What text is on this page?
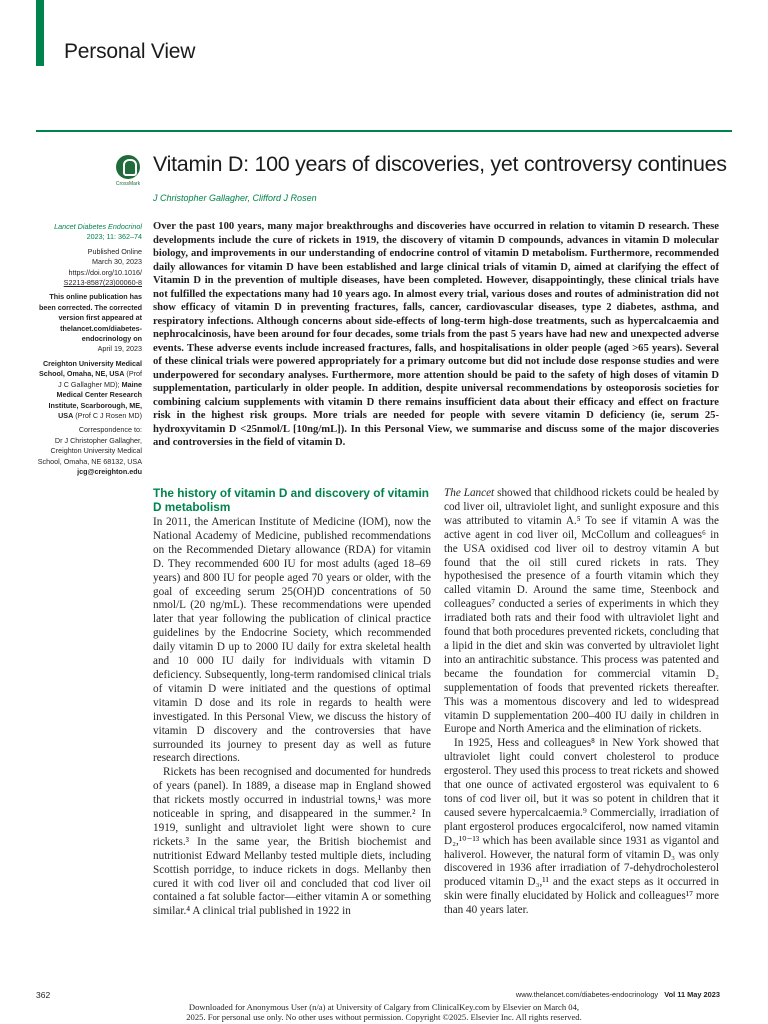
Personal View
CrossMark
Vitamin D: 100 years of discoveries, yet controversy continues
J Christopher Gallagher, Clifford J Rosen
Lancet Diabetes Endocrinol
2023; 11: 362–74
Published Online
March 30, 2023
https://doi.org/10.1016/
S2213-8587(23)00060-8
This online publication has been corrected. The corrected version first appeared at thelancet.com/diabetes-endocrinology on
April 19, 2023
Creighton University Medical School, Omaha, NE, USA (Prof J C Gallagher MD); Maine Medical Center Research Institute, Scarborough, ME, USA (Prof C J Rosen MD)
Correspondence to:
Dr J Christopher Gallagher,
Creighton University Medical School, Omaha, NE 68132, USA
jcg@creighton.edu
Over the past 100 years, many major breakthroughs and discoveries have occurred in relation to vitamin D research. These developments include the cure of rickets in 1919, the discovery of vitamin D compounds, advances in vitamin D molecular biology, and improvements in our understanding of endocrine control of vitamin D metabolism. Furthermore, recommended daily allowances for vitamin D have been established and large clinical trials of vitamin D, aimed at clarifying the effect of Vitamin D in the prevention of multiple diseases, have been completed. However, disappointingly, these clinical trials have not fulfilled the expectations many had 10 years ago. In almost every trial, various doses and routes of administration did not show efficacy of vitamin D in preventing fractures, falls, cancer, cardiovascular diseases, type 2 diabetes, asthma, and respiratory infections. Although concerns about side-effects of long-term high-dose treatments, such as hypercalcaemia and nephrocalcinosis, have been around for four decades, some trials from the past 5 years have had new and unexpected adverse events. These adverse events include increased fractures, falls, and hospitalisations in older people (aged >65 years). Several of these clinical trials were powered appropriately for a primary outcome but did not include dose response studies and were underpowered for secondary analyses. Furthermore, more attention should be paid to the safety of high doses of vitamin D supplementation, particularly in older people. In addition, despite universal recommendations by osteoporosis societies for combining calcium supplements with vitamin D there remains insufficient data about their efficacy and effect on fracture risk in the highest risk groups. More trials are needed for people with severe vitamin D deficiency (ie, serum 25-hydroxyvitamin D <25nmol/L [10ng/mL]). In this Personal View, we summarise and discuss some of the major discoveries and controversies in the field of vitamin D.
The history of vitamin D and discovery of vitamin D metabolism

In 2011, the American Institute of Medicine (IOM), now the National Academy of Medicine, published recommendations on the Recommended Dietary allowance (RDA) for vitamin D. They recommended 600 IU for most adults (aged 18–69 years) and 800 IU for people aged 70 years or older, with the goal of exceeding serum 25(OH)D concentrations of 50 nmol/L (20 ng/mL). These recommendations were upended later that year following the publication of clinical practice guidelines by the Endocrine Society, which recommended daily vitamin D up to 2000 IU daily for extra skeletal health and 10 000 IU daily for individuals with vitamin D deficiency. Subsequently, long-term randomised clinical trials of vitamin D were initiated and the questions of optimal vitamin D dose and its role in regards to health were investigated. In this Personal View, we discuss the history of vitamin D discovery and the controversies that have surrounded its journey to present day as well as future research directions.

Rickets has been recognised and documented for hundreds of years (panel). In 1889, a disease map in England showed that rickets mostly occurred in industrial towns,¹ was more noticeable in spring, and disappeared in the summer.² In 1919, sunlight and ultraviolet light were shown to cure rickets.³ In the same year, the British biochemist and nutritionist Edward Mellanby tested multiple diets, including Scottish porridge, to induce rickets in dogs. Mellanby then cured it with cod liver oil and concluded that cod liver oil contained a fat soluble factor—either vitamin A or something similar.⁴ A clinical trial published in 1922 in

The Lancet showed that childhood rickets could be healed by cod liver oil, ultraviolet light, and sunlight exposure and this was attributed to vitamin A.⁵ To see if vitamin A was the active agent in cod liver oil, McCollum and colleagues⁶ in the USA oxidised cod liver oil to destroy vitamin A but found that the oil still cured rickets in rats. They hypothesised the presence of a fourth vitamin which they called vitamin D. Around the same time, Steenbock and colleagues⁷ conducted a series of experiments in which they irradiated both rats and their food with ultraviolet light and found that both procedures prevented rickets, concluding that a lipid in the diet and skin was converted by ultraviolet light into an antirachitic substance. This process was patented and became the foundation for commercial vitamin D₂ supplementation of foods that prevented rickets thereafter. This was a momentous discovery and led to widespread vitamin D supplementation 200–400 IU daily in children in Europe and North America and the elimination of rickets.

In 1925, Hess and colleagues⁸ in New York showed that ultraviolet light could convert cholesterol to produce ergosterol. They used this process to treat rickets and showed that one ounce of activated ergosterol was equivalent to 6 tons of cod liver oil, but it was so potent in children that it caused severe hypercalcaemia.⁹ Commercially, irradiation of plant ergosterol produces ergocalciferol, now named vitamin D₂,¹⁰⁻¹³ which has been available since 1931 as vigantol and haliverol. However, the natural form of vitamin D₃ was only discovered in 1936 after irradiation of 7-dehydrocholesterol produced vitamin D₃,¹¹ and the exact steps as it occurred in skin were finally elucidated by Holick and colleagues¹⁷ more than 40 years later.

362	www.thelancet.com/diabetes-endocrinology Vol 11 May 2023
Downloaded for Anonymous User (n/a) at University of Calgary from ClinicalKey.com by Elsevier on March 04,
2025. For personal use only. No other uses without permission. Copyright ©2025. Elsevier Inc. All rights reserved.
